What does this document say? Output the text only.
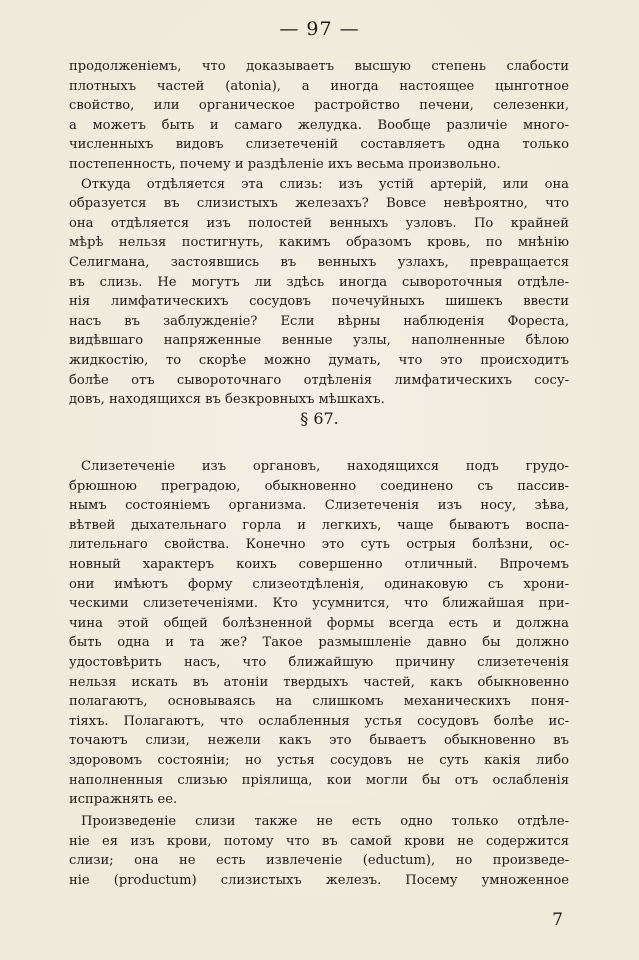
— 97 —
продолженіемъ, что доказываетъ высшую степень слабости
плотныхъ частей (atonia), а иногда настоящее цынготное
свойство, или органическое растройство печени, селезенки,
а можетъ быть и самаго желудка. Вообще различіе много-
численныхъ видовъ слизетеченій составляетъ одна только
постепенность, почему и раздѣленіе ихъ весьма произвольно.
Откуда отдѣляется эта слизь: изъ устій артерій, или она
образуется въ слизистыхъ железахъ? Вовсе невѣроятно, что
она отдѣляется изъ полостей венныхъ узловъ. По крайней
мѣрѣ нельзя постигнуть, какимъ образомъ кровь, по мнѣнію
Селигмана, застоявшись въ венныхъ узлахъ, превращается
въ слизь. Не могутъ ли здѣсь иногда сывороточныя отдѣле-
нія лимфатическихъ сосудовъ почечуйныхъ шишекъ ввести
насъ въ заблужденіе? Если вѣрны наблюденія Фореста,
видѣвшаго напряженные венные узлы, наполненные бѣлою
жидкостію, то скорѣе можно думать, что это происходитъ
болѣе отъ сывороточнаго отдѣленія лимфатическихъ сосу-
довъ, находящихся въ безкровныхъ мѣшкахъ.
§ 67.
Слизетеченіе изъ органовъ, находящихся подъ грудо-
брюшною преградою, обыкновенно соединено съ пассив-
нымъ состояніемъ организма. Слизетеченія изъ носу, зѣва,
вѣтвей дыхательнаго горла и легкихъ, чаще бываютъ воспа-
лительнаго свойства. Конечно это суть острыя болѣзни, ос-
новный характеръ коихъ совершенно отличный. Впрочемъ
они имѣютъ форму слизеотдѣленія, одинаковую съ хрони-
ческими слизетеченіями. Кто усумнится, что ближайшая при-
чина этой общей болѣзненной формы всегда есть и должна
быть одна и та же? Такое размышленіе давно бы должно
удостовѣрить насъ, что ближайшую причину слизетеченія
нельзя искать въ атоніи твердыхъ частей, какъ обыкновенно
полагаютъ, основываясь на слишкомъ механическихъ поня-
тіяхъ. Полагаютъ, что ослабленныя устья сосудовъ болѣе ис-
точаютъ слизи, нежели какъ это бываетъ обыкновенно въ
здоровомъ состояніи; но устья сосудовъ не суть какія либо
наполненныя слизью пріялища, кои могли бы отъ ослабленія
испражнять ее.
Произведеніе слизи также не есть одно только отдѣле-
ніе ея изъ крови, потому что въ самой крови не содержится
слизи; она не есть извлеченіе (eductum), но произведе-
ніе (productum) слизистыхъ железъ. Посему умноженное
7
